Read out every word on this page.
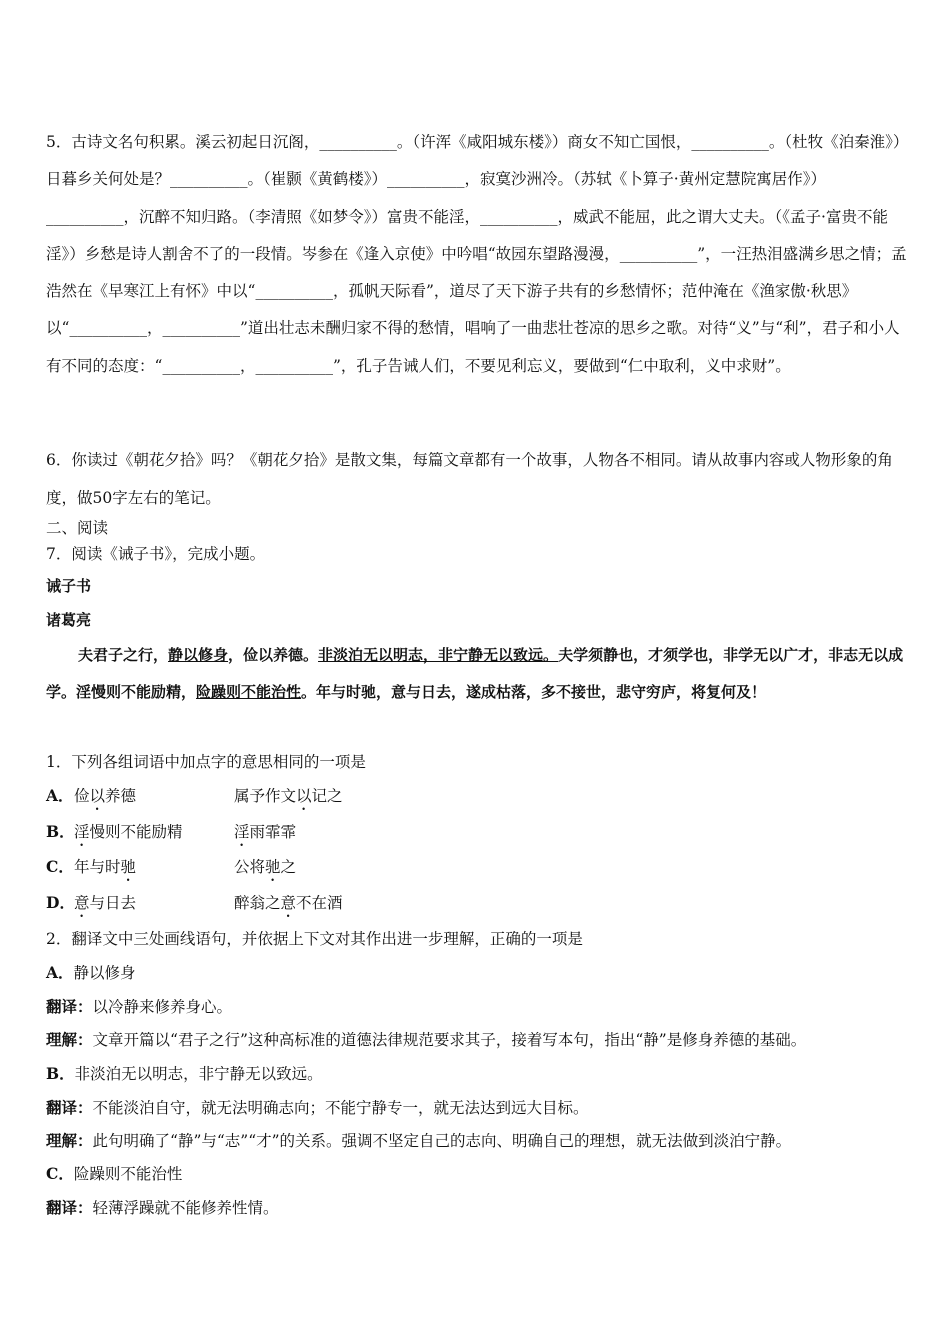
5．古诗文名句积累。溪云初起日沉阁，__________。（许浑《咸阳城东楼》）商女不知亡国恨，__________。（杜牧《泊秦淮》）日暮乡关何处是？__________。（崔颢《黄鹤楼》）__________，寂寞沙洲冷。（苏轼《卜算子·黄州定慧院寓居作》）__________，沉醉不知归路。（李清照《如梦令》）富贵不能淫，__________，威武不能屈，此之谓大丈夫。（《孟子·富贵不能淫》）乡愁是诗人割舍不了的一段情。岑参在《逢入京使》中吟唱“故园东望路漫漫，__________”，一汪热泪盛满乡思之情；孟浩然在《早寒江上有怀》中以“__________，孤帆天际看”，道尽了天下游子共有的乡愁情怀；范仲淹在《渔家傲·秋思》以“__________，__________”道出壮志未酬归家不得的愁情，唱响了一曲悲壮苍凉的思乡之歌。对待“义”与“利”，君子和小人有不同的态度：“__________，__________”，孔子告诫人们，不要见利忘义，要做到“仁中取利，义中求财”。

6．你读过《朝花夕拾》吗？《朝花夕拾》是散文集，每篇文章都有一个故事，人物各不相同。请从故事内容或人物形象的角度，做50字左右的笔记。

二、阅读
7．阅读《诫子书》，完成小题。
诫子书
诸葛亮

夫君子之行，静以修身，俭以养德。非淡泊无以明志，非宁静无以致远。夫学须静也，才须学也，非学无以广才，非志无以成学。淫慢则不能励精，险躁则不能治性。年与时驰，意与日去，遂成枯落，多不接世，悲守穷庐，将复何及！

1．下列各组词语中加点字的意思相同的一项是
A．俭以养德	属予作文以记之
B．淫慢则不能励精	淫雨霏霏
C．年与时驰	公将驰之
D．意与日去	醉翁之意不在酒
2．翻译文中三处画线语句，并依据上下文对其作出进一步理解，正确的一项是
A．静以修身
翻译：以冷静来修养身心。
理解：文章开篇以“君子之行”这种高标准的道德法律规范要求其子，接着写本句，指出“静”是修身养德的基础。
B．非淡泊无以明志，非宁静无以致远。
翻译：不能淡泊自守，就无法明确志向；不能宁静专一，就无法达到远大目标。
理解：此句明确了“静”与“志”“才”的关系。强调不坚定自己的志向、明确自己的理想，就无法做到淡泊宁静。
C．险躁则不能治性
翻译：轻薄浮躁就不能修养性情。
